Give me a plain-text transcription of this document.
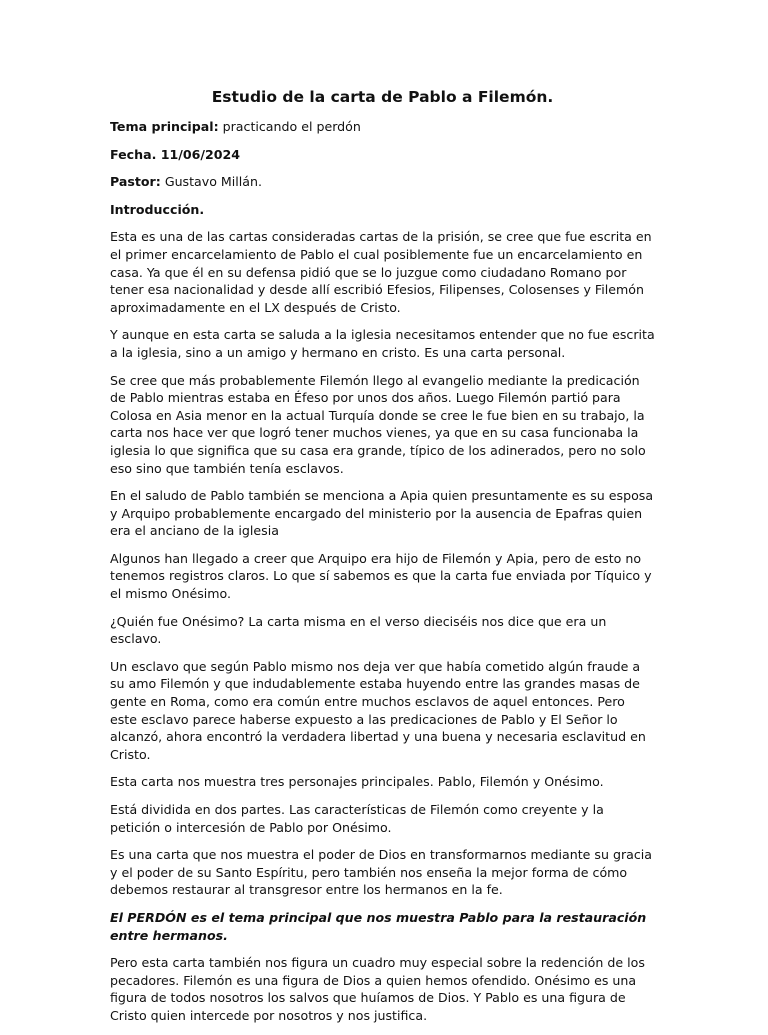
Estudio de la carta de Pablo a Filemón.

Tema principal: practicando el perdón

Fecha. 11/06/2024

Pastor: Gustavo Millán.

Introducción.

Esta es una de las cartas consideradas cartas de la prisión, se cree que fue escrita en el primer encarcelamiento de Pablo el cual posiblemente fue un encarcelamiento en casa. Ya que él en su defensa pidió que se lo juzgue como ciudadano Romano por tener esa nacionalidad y desde allí escribió Efesios, Filipenses, Colosenses y Filemón aproximadamente en el LX después de Cristo.

Y aunque en esta carta se saluda a la iglesia necesitamos entender que no fue escrita a la iglesia, sino a un amigo y hermano en cristo. Es una carta personal.

Se cree que más probablemente Filemón llego al evangelio mediante la predicación de Pablo mientras estaba en Éfeso por unos dos años. Luego Filemón partió para Colosa en Asia menor en la actual Turquía donde se cree le fue bien en su trabajo, la carta nos hace ver que logró tener muchos vienes, ya que en su casa funcionaba la iglesia lo que significa que su casa era grande, típico de los adinerados, pero no solo eso sino que también tenía esclavos.

En el saludo de Pablo también se menciona a Apia quien presuntamente es su esposa y Arquipo probablemente encargado del ministerio por la ausencia de Epafras quien era el anciano de la iglesia

Algunos han llegado a creer que Arquipo era hijo de Filemón y Apia, pero de esto no tenemos registros claros. Lo que sí sabemos es que la carta fue enviada por Tíquico y el mismo Onésimo.

¿Quién fue Onésimo? La carta misma en el verso dieciséis nos dice que era un esclavo.

Un esclavo que según Pablo mismo nos deja ver que había cometido algún fraude a su amo Filemón y que indudablemente estaba huyendo entre las grandes masas de gente en Roma, como era común entre muchos esclavos de aquel entonces. Pero este esclavo parece haberse expuesto a las predicaciones de Pablo y El Señor lo alcanzó, ahora encontró la verdadera libertad y una buena y necesaria esclavitud en Cristo.

Esta carta nos muestra tres personajes principales. Pablo, Filemón y Onésimo.

Está dividida en dos partes. Las características de Filemón como creyente y la petición o intercesión de Pablo por Onésimo.

Es una carta que nos muestra el poder de Dios en transformarnos mediante su gracia y el poder de su Santo Espíritu, pero también nos enseña la mejor forma de cómo debemos restaurar al transgresor entre los hermanos en la fe.

El PERDÓN es el tema principal que nos muestra Pablo para la restauración entre hermanos.

Pero esta carta también nos figura un cuadro muy especial sobre la redención de los pecadores. Filemón es una figura de Dios a quien hemos ofendido. Onésimo es una figura de todos nosotros los salvos que huíamos de Dios. Y Pablo es una figura de Cristo quien intercede por nosotros y nos justifica.
